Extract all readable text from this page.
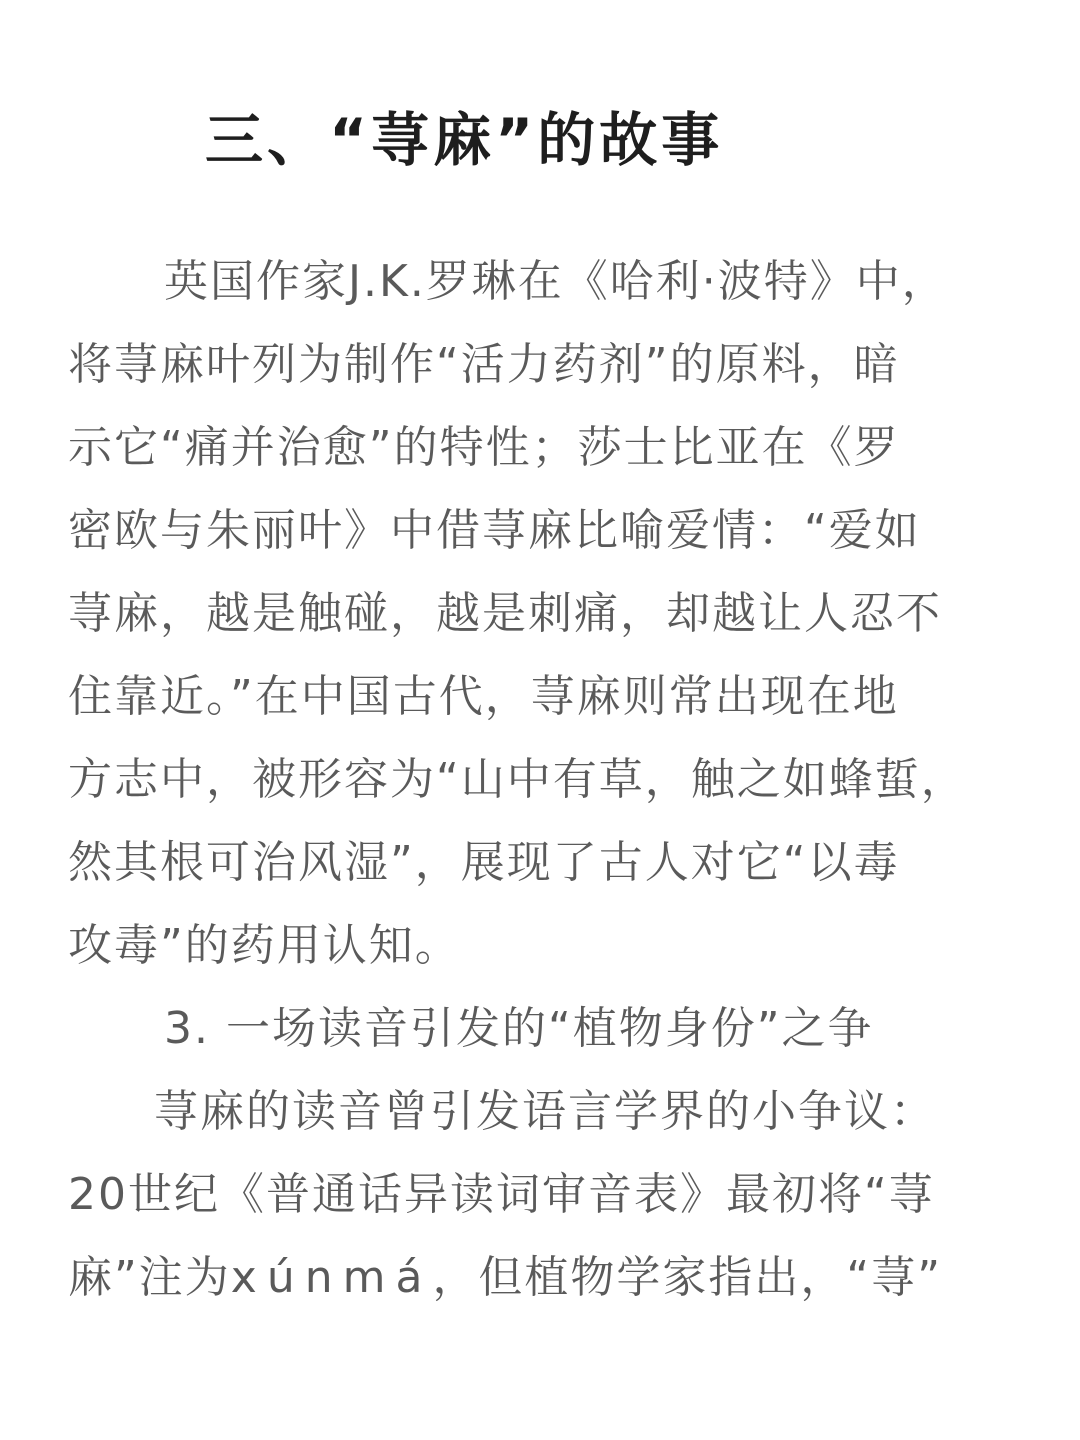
三、“荨麻”的故事
英国作家J.K.罗琳在《哈利·波特》中，
将荨麻叶列为制作“活力药剂”的原料，暗
示它“痛并治愈”的特性；莎士比亚在《罗
密欧与朱丽叶》中借荨麻比喻爱情：“爱如
荨麻，越是触碰，越是刺痛，却越让人忍不
住靠近。”在中国古代，荨麻则常出现在地
方志中，被形容为“山中有草，触之如蜂蜇，
然其根可治风湿”，展现了古人对它“以毒
攻毒”的药用认知。
3. 一场读音引发的“植物身份”之争
荨麻的读音曾引发语言学界的小争议：
20世纪《普通话异读词审音表》最初将“荨
麻”注为xúnmá，但植物学家指出，“荨”
